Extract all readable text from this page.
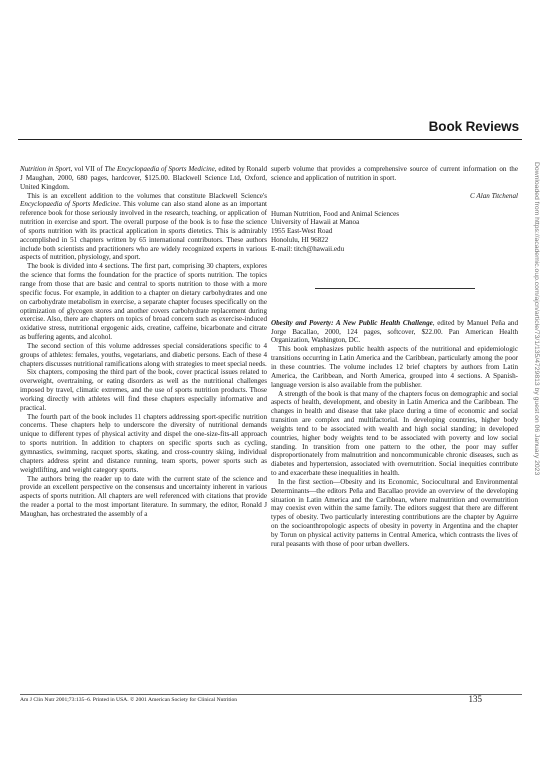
Book Reviews

Nutrition in Sport, vol VII of The Encyclopaedia of Sports Medicine, edited by Ronald J Maughan, 2000, 680 pages, hardcover, $125.00. Blackwell Science Ltd, Oxford, United Kingdom.

This is an excellent addition to the volumes that constitute Blackwell Science's Encyclopaedia of Sports Medicine. This volume can also stand alone as an important reference book for those seriously involved in the research, teaching, or application of nutrition in exercise and sport. The overall purpose of the book is to fuse the science of sports nutrition with its practical application in sports dietetics. This is admirably accomplished in 51 chapters written by 65 international contributors. These authors include both scientists and practitioners who are widely recognized experts in various aspects of nutrition, physiology, and sport.

The book is divided into 4 sections. The first part, comprising 30 chapters, explores the science that forms the foundation for the practice of sports nutrition. The topics range from those that are basic and central to sports nutrition to those with a more specific focus. For example, in addition to a chapter on dietary carbohydrates and one on carbohydrate metabolism in exercise, a separate chapter focuses specifically on the optimization of glycogen stores and another covers carbohydrate replacement during exercise. Also, there are chapters on topics of broad concern such as exercise-induced oxidative stress, nutritional ergogenic aids, creatine, caffeine, bicarbonate and citrate as buffering agents, and alcohol.

The second section of this volume addresses special considerations specific to 4 groups of athletes: females, youths, vegetarians, and diabetic persons. Each of these 4 chapters discusses nutritional ramifications along with strategies to meet special needs.

Six chapters, composing the third part of the book, cover practical issues related to overweight, overtraining, or eating disorders as well as the nutritional challenges imposed by travel, climatic extremes, and the use of sports nutrition products. Those working directly with athletes will find these chapters especially informative and practical.

The fourth part of the book includes 11 chapters addressing sport-specific nutrition concerns. These chapters help to underscore the diversity of nutritional demands unique to different types of physical activity and dispel the one-size-fits-all approach to sports nutrition. In addition to chapters on specific sports such as cycling, gymnastics, swimming, racquet sports, skating, and cross-country skiing, individual chapters address sprint and distance running, team sports, power sports such as weightlifting, and weight category sports.

The authors bring the reader up to date with the current state of the science and provide an excellent perspective on the consensus and uncertainty inherent in various aspects of sports nutrition. All chapters are well referenced with citations that provide the reader a portal to the most important literature. In summary, the editor, Ronald J Maughan, has orchestrated the assembly of a

superb volume that provides a comprehensive source of current information on the science and application of nutrition in sport.

C Alan Titchenal
Human Nutrition, Food and Animal Sciences
University of Hawaii at Manoa
1955 East-West Road
Honolulu, HI 96822
E-mail: titch@hawaii.edu

Obesity and Poverty: A New Public Health Challenge, edited by Manuel Peña and Jorge Bacallao, 2000, 124 pages, softcover, $22.00. Pan American Health Organization, Washington, DC.

This book emphasizes public health aspects of the nutritional and epidemiologic transitions occurring in Latin America and the Caribbean, particularly among the poor in these countries. The volume includes 12 brief chapters by authors from Latin America, the Caribbean, and North America, grouped into 4 sections. A Spanish-language version is also available from the publisher.

A strength of the book is that many of the chapters focus on demographic and social aspects of health, development, and obesity in Latin America and the Caribbean. The changes in health and disease that take place during a time of economic and social transition are complex and multifactorial. In developing countries, higher body weights tend to be associated with wealth and high social standing; in developed countries, higher body weights tend to be associated with poverty and low social standing. In transition from one pattern to the other, the poor may suffer disproportionately from malnutrition and noncommunicable chronic diseases, such as diabetes and hypertension, associated with overnutrition. Social inequities contribute to and exacerbate these inequalities in health.

In the first section—Obesity and its Economic, Sociocultural and Environmental Determinants—the editors Peña and Bacallao provide an overview of the developing situation in Latin America and the Caribbean, where malnutrition and overnutrition may coexist even within the same family. The editors suggest that there are different types of obesity. Two particularly interesting contributions are the chapter by Aguirre on the socioanthropologic aspects of obesity in poverty in Argentina and the chapter by Torun on physical activity patterns in Central America, which contrasts the lives of rural peasants with those of poor urban dwellers.

Am J Clin Nutr 2001;73:135–6. Printed in USA. © 2001 American Society for Clinical Nutrition	135
Downloaded from https://academic.oup.com/ajcn/article/73/1/135/4729813 by guest on 06 January 2023
